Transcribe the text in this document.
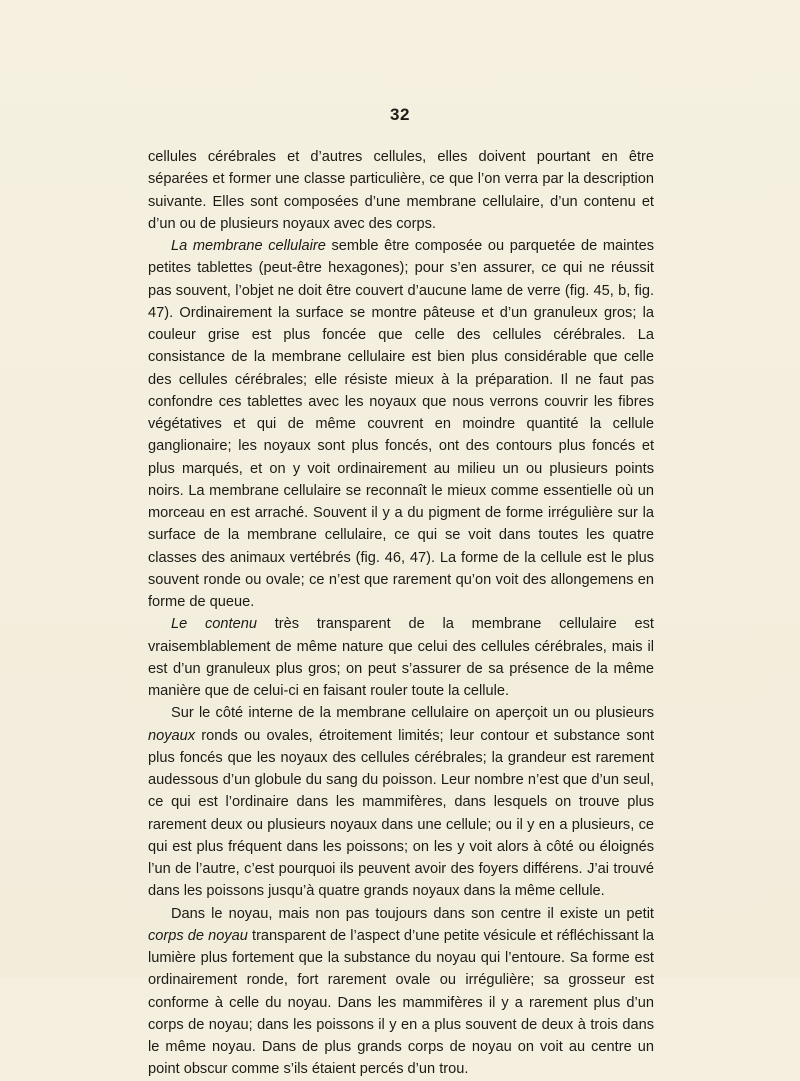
32

cellules cérébrales et d’autres cellules, elles doivent pourtant en être séparées et former une classe particulière, ce que l’on verra par la description suivante. Elles sont composées d’une membrane cellulaire, d’un contenu et d’un ou de plusieurs noyaux avec des corps.

La membrane cellulaire semble être composée ou parquetée de maintes petites tablettes (peut-être hexagones); pour s’en assurer, ce qui ne réussit pas souvent, l’objet ne doit être couvert d’aucune lame de verre (fig. 45, b, fig. 47). Ordinairement la surface se montre pâteuse et d’un granuleux gros; la couleur grise est plus foncée que celle des cellules cérébrales. La consistance de la membrane cellulaire est bien plus considérable que celle des cellules cérébrales; elle résiste mieux à la préparation. Il ne faut pas confondre ces tablettes avec les noyaux que nous verrons couvrir les fibres végétatives et qui de même couvrent en moindre quantité la cellule ganglionaire; les noyaux sont plus foncés, ont des contours plus foncés et plus marqués, et on y voit ordinairement au milieu un ou plusieurs points noirs. La membrane cellulaire se reconnaît le mieux comme essentielle où un morceau en est arraché. Souvent il y a du pigment de forme irrégulière sur la surface de la membrane cellulaire, ce qui se voit dans toutes les quatre classes des animaux vertébrés (fig. 46, 47). La forme de la cellule est le plus souvent ronde ou ovale; ce n’est que rarement qu’on voit des allongemens en forme de queue.

Le contenu très transparent de la membrane cellulaire est vraisemblablement de même nature que celui des cellules cérébrales, mais il est d’un granuleux plus gros; on peut s’assurer de sa présence de la même manière que de celui-ci en faisant rouler toute la cellule.

Sur le côté interne de la membrane cellulaire on aperçoit un ou plusieurs noyaux ronds ou ovales, étroitement limités; leur contour et substance sont plus foncés que les noyaux des cellules cérébrales; la grandeur est rarement audessous d’un globule du sang du poisson. Leur nombre n’est que d’un seul, ce qui est l’ordinaire dans les mammifères, dans lesquels on trouve plus rarement deux ou plusieurs noyaux dans une cellule; ou il y en a plusieurs, ce qui est plus fréquent dans les poissons; on les y voit alors à côté ou éloignés l’un de l’autre, c’est pourquoi ils peuvent avoir des foyers différens. J’ai trouvé dans les poissons jusqu’à quatre grands noyaux dans la même cellule.

Dans le noyau, mais non pas toujours dans son centre il existe un petit corps de noyau transparent de l’aspect d’une petite vésicule et réfléchissant la lumière plus fortement que la substance du noyau qui l’entoure. Sa forme est ordinairement ronde, fort rarement ovale ou irrégulière; sa grosseur est conforme à celle du noyau. Dans les mammifères il y a rarement plus d’un corps de noyau; dans les poissons il y en a plus souvent de deux à trois dans le même noyau. Dans de plus grands corps de noyau on voit au centre un point obscur comme s’ils étaient percés d’un trou.
